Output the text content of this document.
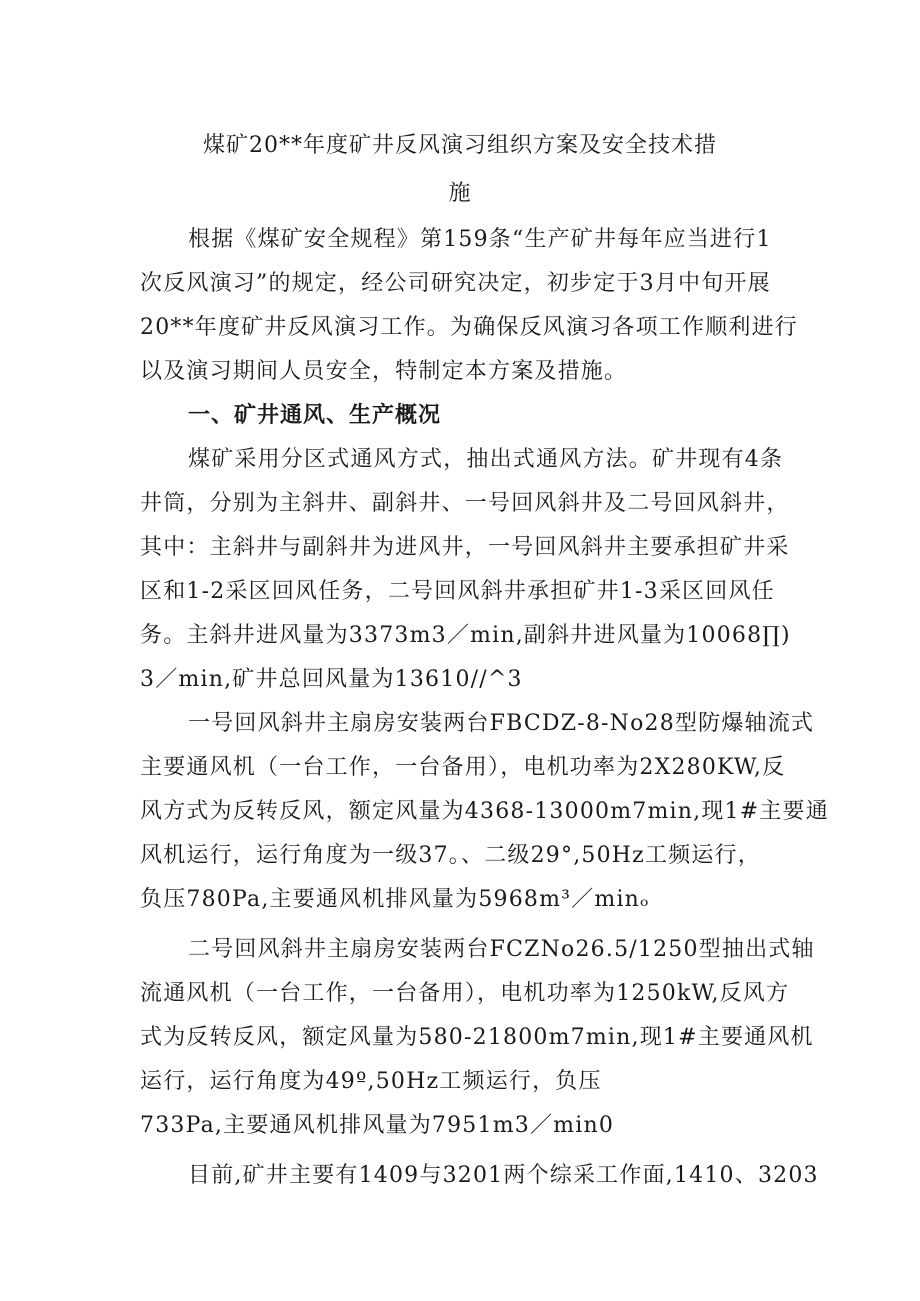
煤矿20**年度矿井反风演习组织方案及安全技术措
施
根据《煤矿安全规程》第159条“生产矿井每年应当进行1
次反风演习”的规定，经公司研究决定，初步定于3月中旬开展
20**年度矿井反风演习工作。为确保反风演习各项工作顺利进行
以及演习期间人员安全，特制定本方案及措施。
一、矿井通风、生产概况
煤矿采用分区式通风方式，抽出式通风方法。矿井现有4条
井筒，分别为主斜井、副斜井、一号回风斜井及二号回风斜井，
其中：主斜井与副斜井为进风井，一号回风斜井主要承担矿井采
区和1-2采区回风任务，二号回风斜井承担矿井1-3采区回风任
务。主斜井进风量为3373m3／min,副斜井进风量为10068∏)
3／min,矿井总回风量为13610//^3
一号回风斜井主扇房安装两台FBCDZ-8-No28型防爆轴流式
主要通风机（一台工作，一台备用），电机功率为2X280KW,反
风方式为反转反风，额定风量为4368-13000m7min,现1#主要通
风机运行，运行角度为一级37。、二级29°,50Hz工频运行，
负压780Pa,主要通风机排风量为5968m³／minₒ
二号回风斜井主扇房安装两台FCZNo26.5/1250型抽出式轴
流通风机（一台工作，一台备用），电机功率为1250kW,反风方
式为反转反风，额定风量为580-21800m7min,现1#主要通风机
运行，运行角度为49º,50Hz工频运行，负压
733Pa,主要通风机排风量为7951m3／min0
目前,矿井主要有1409与3201两个综采工作面,1410、3203
